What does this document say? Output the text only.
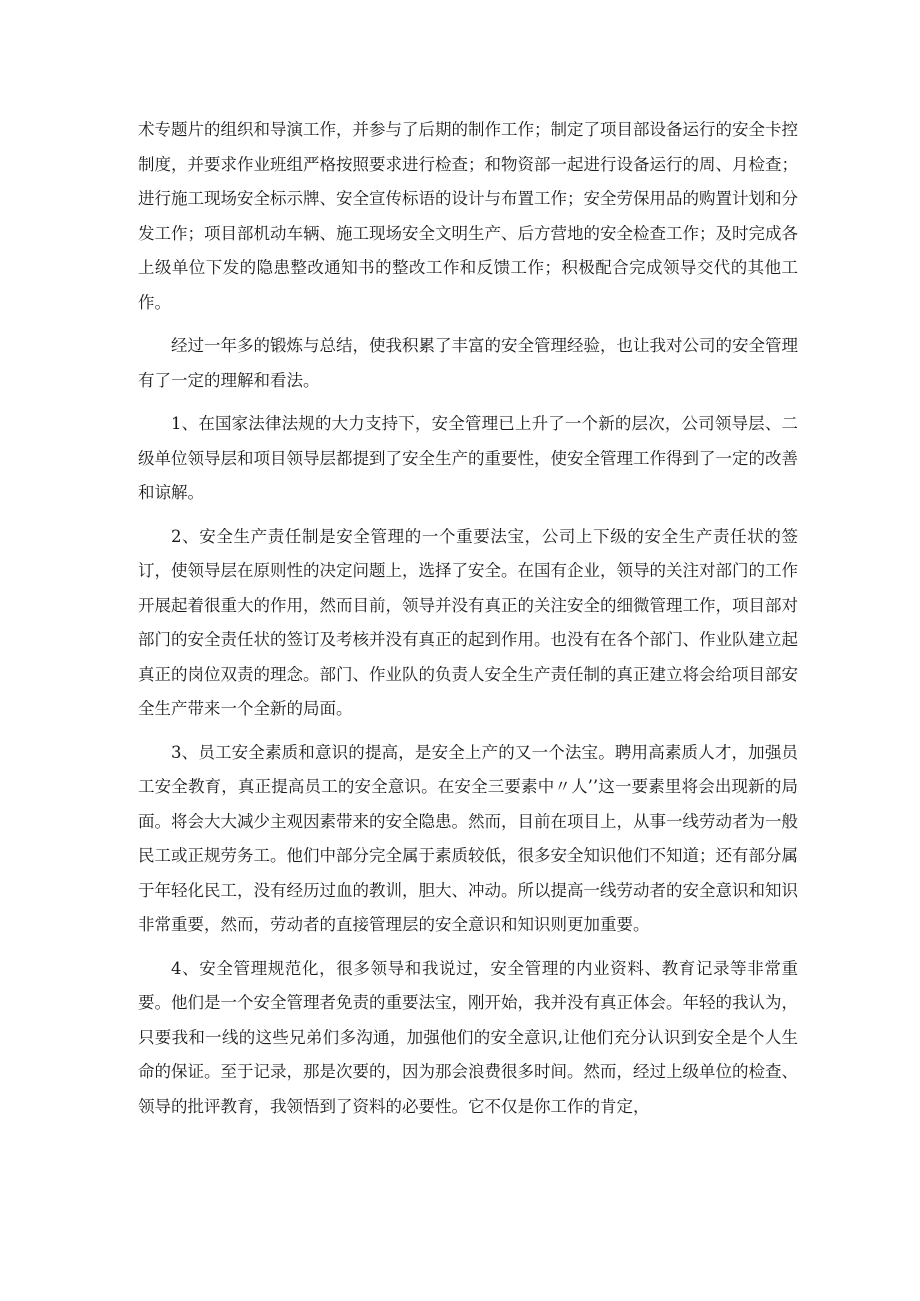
术专题片的组织和导演工作，并参与了后期的制作工作；制定了项目部设备运行的安全卡控制度，并要求作业班组严格按照要求进行检查；和物资部一起进行设备运行的周、月检查；进行施工现场安全标示牌、安全宣传标语的设计与布置工作；安全劳保用品的购置计划和分发工作；项目部机动车辆、施工现场安全文明生产、后方营地的安全检查工作；及时完成各上级单位下发的隐患整改通知书的整改工作和反馈工作；积极配合完成领导交代的其他工作。

经过一年多的锻炼与总结，使我积累了丰富的安全管理经验，也让我对公司的安全管理有了一定的理解和看法。

1、在国家法律法规的大力支持下，安全管理已上升了一个新的层次，公司领导层、二级单位领导层和项目领导层都提到了安全生产的重要性，使安全管理工作得到了一定的改善和谅解。

2、安全生产责任制是安全管理的一个重要法宝，公司上下级的安全生产责任状的签订，使领导层在原则性的决定问题上，选择了安全。在国有企业，领导的关注对部门的工作开展起着很重大的作用，然而目前，领导并没有真正的关注安全的细微管理工作，项目部对部门的安全责任状的签订及考核并没有真正的起到作用。也没有在各个部门、作业队建立起真正的岗位双责的理念。部门、作业队的负责人安全生产责任制的真正建立将会给项目部安全生产带来一个全新的局面。

3、员工安全素质和意识的提高，是安全上产的又一个法宝。聘用高素质人才，加强员工安全教育，真正提高员工的安全意识。在安全三要素中〃人’’这一要素里将会出现新的局面。将会大大减少主观因素带来的安全隐患。然而，目前在项目上，从事一线劳动者为一般民工或正规劳务工。他们中部分完全属于素质较低，很多安全知识他们不知道；还有部分属于年轻化民工，没有经历过血的教训，胆大、冲动。所以提高一线劳动者的安全意识和知识非常重要，然而，劳动者的直接管理层的安全意识和知识则更加重要。

4、安全管理规范化，很多领导和我说过，安全管理的内业资料、教育记录等非常重要。他们是一个安全管理者免责的重要法宝，刚开始，我并没有真正体会。年轻的我认为，只要我和一线的这些兄弟们多沟通，加强他们的安全意识,让他们充分认识到安全是个人生命的保证。至于记录，那是次要的，因为那会浪费很多时间。然而，经过上级单位的检查、领导的批评教育，我领悟到了资料的必要性。它不仅是你工作的肯定，
